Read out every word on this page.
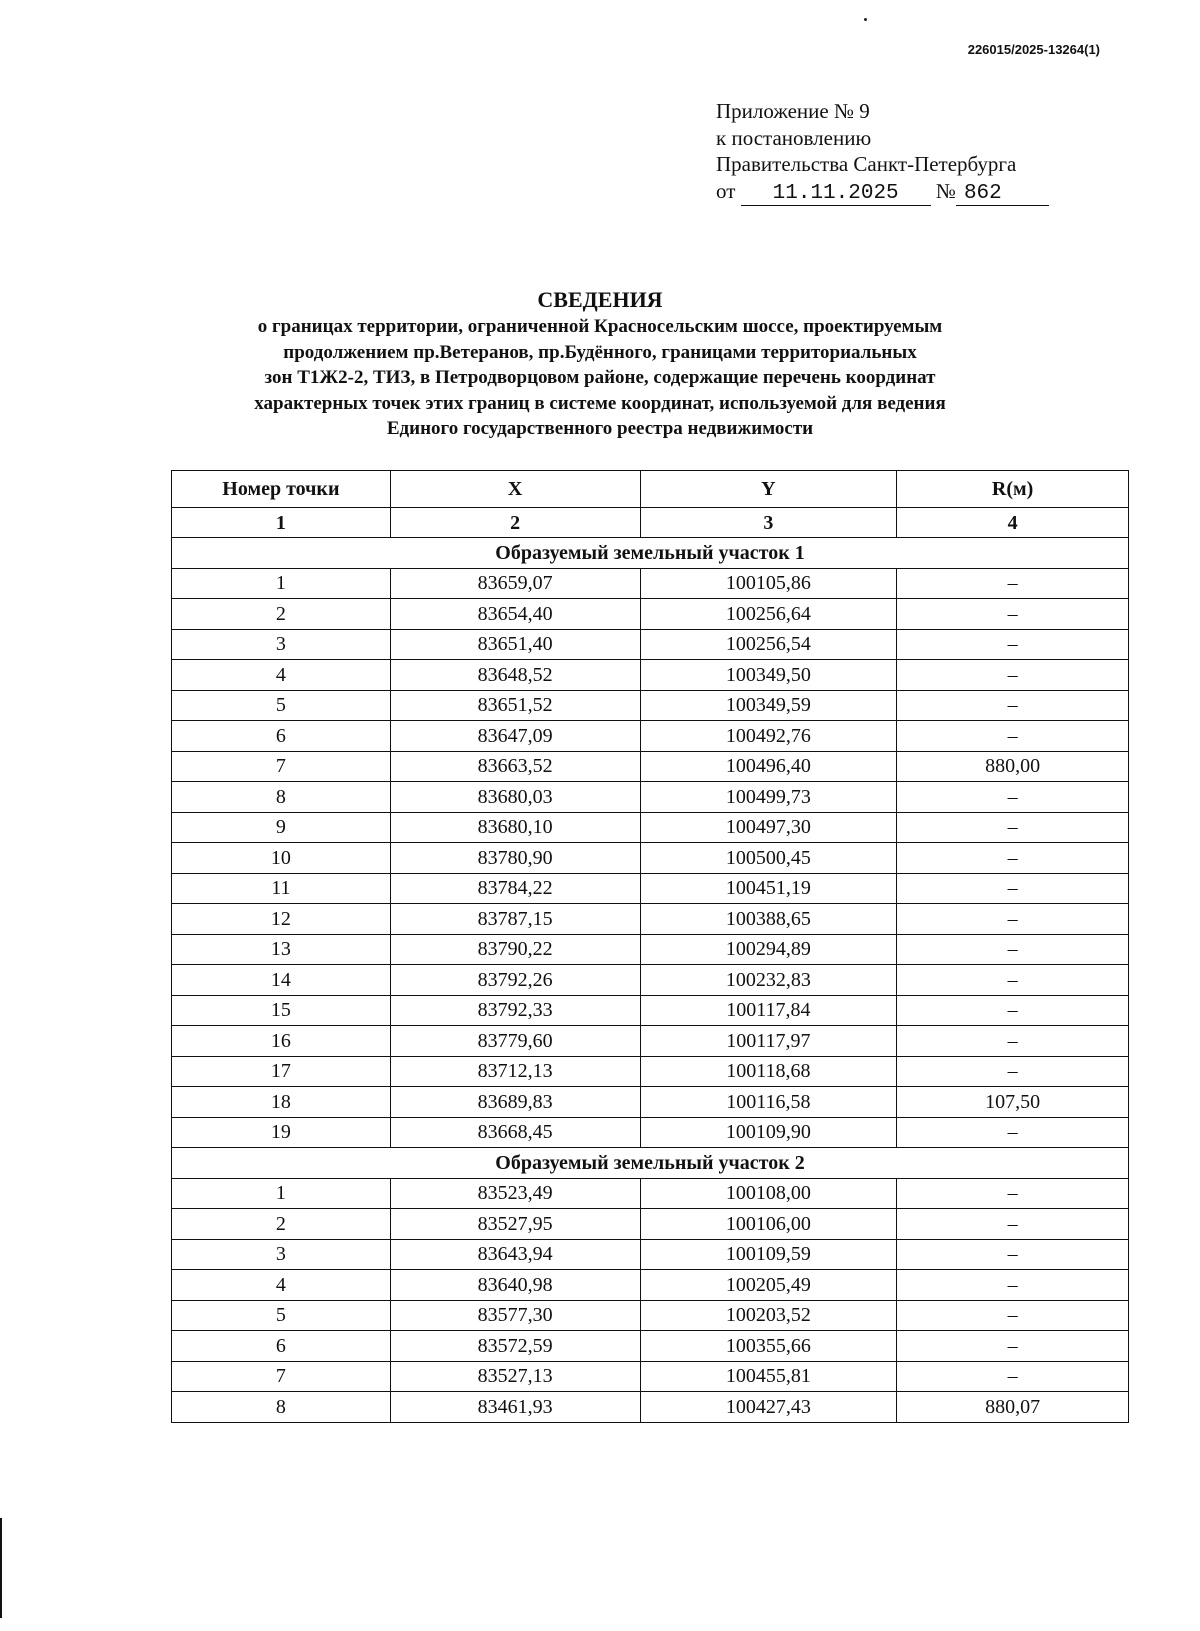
226015/2025-13264(1)
Приложение № 9
к постановлению
Правительства Санкт-Петербурга
от 11.11.2025 № 862
СВЕДЕНИЯ
о границах территории, ограниченной Красносельским шоссе, проектируемым
продолжением пр.Ветеранов, пр.Будённого, границами территориальных
зон Т1Ж2-2, ТИЗ, в Петродворцовом районе, содержащие перечень координат
характерных точек этих границ в системе координат, используемой для ведения
Единого государственного реестра недвижимости
Номер точки	X	Y	R(м)
1	2	3	4
Образуемый земельный участок 1			
1	83659,07	100105,86	–
2	83654,40	100256,64	–
3	83651,40	100256,54	–
4	83648,52	100349,50	–
5	83651,52	100349,59	–
6	83647,09	100492,76	–
7	83663,52	100496,40	880,00
8	83680,03	100499,73	–
9	83680,10	100497,30	–
10	83780,90	100500,45	–
11	83784,22	100451,19	–
12	83787,15	100388,65	–
13	83790,22	100294,89	–
14	83792,26	100232,83	–
15	83792,33	100117,84	–
16	83779,60	100117,97	–
17	83712,13	100118,68	–
18	83689,83	100116,58	107,50
19	83668,45	100109,90	–
Образуемый земельный участок 2			
1	83523,49	100108,00	–
2	83527,95	100106,00	–
3	83643,94	100109,59	–
4	83640,98	100205,49	–
5	83577,30	100203,52	–
6	83572,59	100355,66	–
7	83527,13	100455,81	–
8	83461,93	100427,43	880,07
